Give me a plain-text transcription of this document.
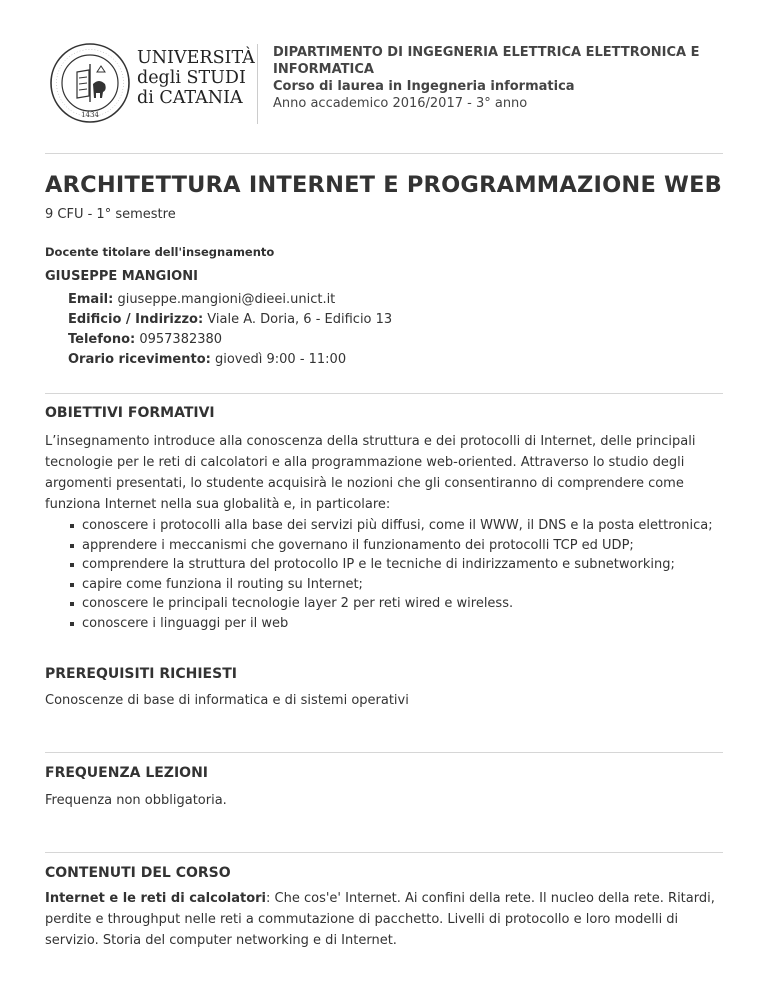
1434
UNIVERSITÀ
degli STUDI
di CATANIA
DIPARTIMENTO DI INGEGNERIA ELETTRICA ELETTRONICA E
INFORMATICA
Corso di laurea in Ingegneria informatica
Anno accademico 2016/2017 - 3° anno
ARCHITETTURA INTERNET E PROGRAMMAZIONE WEB
9 CFU - 1° semestre
Docente titolare dell'insegnamento
GIUSEPPE MANGIONI
Email: giuseppe.mangioni@dieei.unict.it
Edificio / Indirizzo: Viale A. Doria, 6 - Edificio 13
Telefono: 0957382380
Orario ricevimento: giovedì 9:00 - 11:00
OBIETTIVI FORMATIVI
L’insegnamento introduce alla conoscenza della struttura e dei protocolli di Internet, delle principali
tecnologie per le reti di calcolatori e alla programmazione web-oriented. Attraverso lo studio degli
argomenti presentati, lo studente acquisirà le nozioni che gli consentiranno di comprendere come
funziona Internet nella sua globalità e, in particolare:
conoscere i protocolli alla base dei servizi più diffusi, come il WWW, il DNS e la posta elettronica;
apprendere i meccanismi che governano il funzionamento dei protocolli TCP ed UDP;
comprendere la struttura del protocollo IP e le tecniche di indirizzamento e subnetworking;
capire come funziona il routing su Internet;
conoscere le principali tecnologie layer 2 per reti wired e wireless.
conoscere i linguaggi per il web
PREREQUISITI RICHIESTI
Conoscenze di base di informatica e di sistemi operativi
FREQUENZA LEZIONI
Frequenza non obbligatoria.
CONTENUTI DEL CORSO
Internet e le reti di calcolatori: Che cos'e' Internet. Ai confini della rete. Il nucleo della rete. Ritardi,
perdite e throughput nelle reti a commutazione di pacchetto. Livelli di protocollo e loro modelli di
servizio. Storia del computer networking e di Internet.
